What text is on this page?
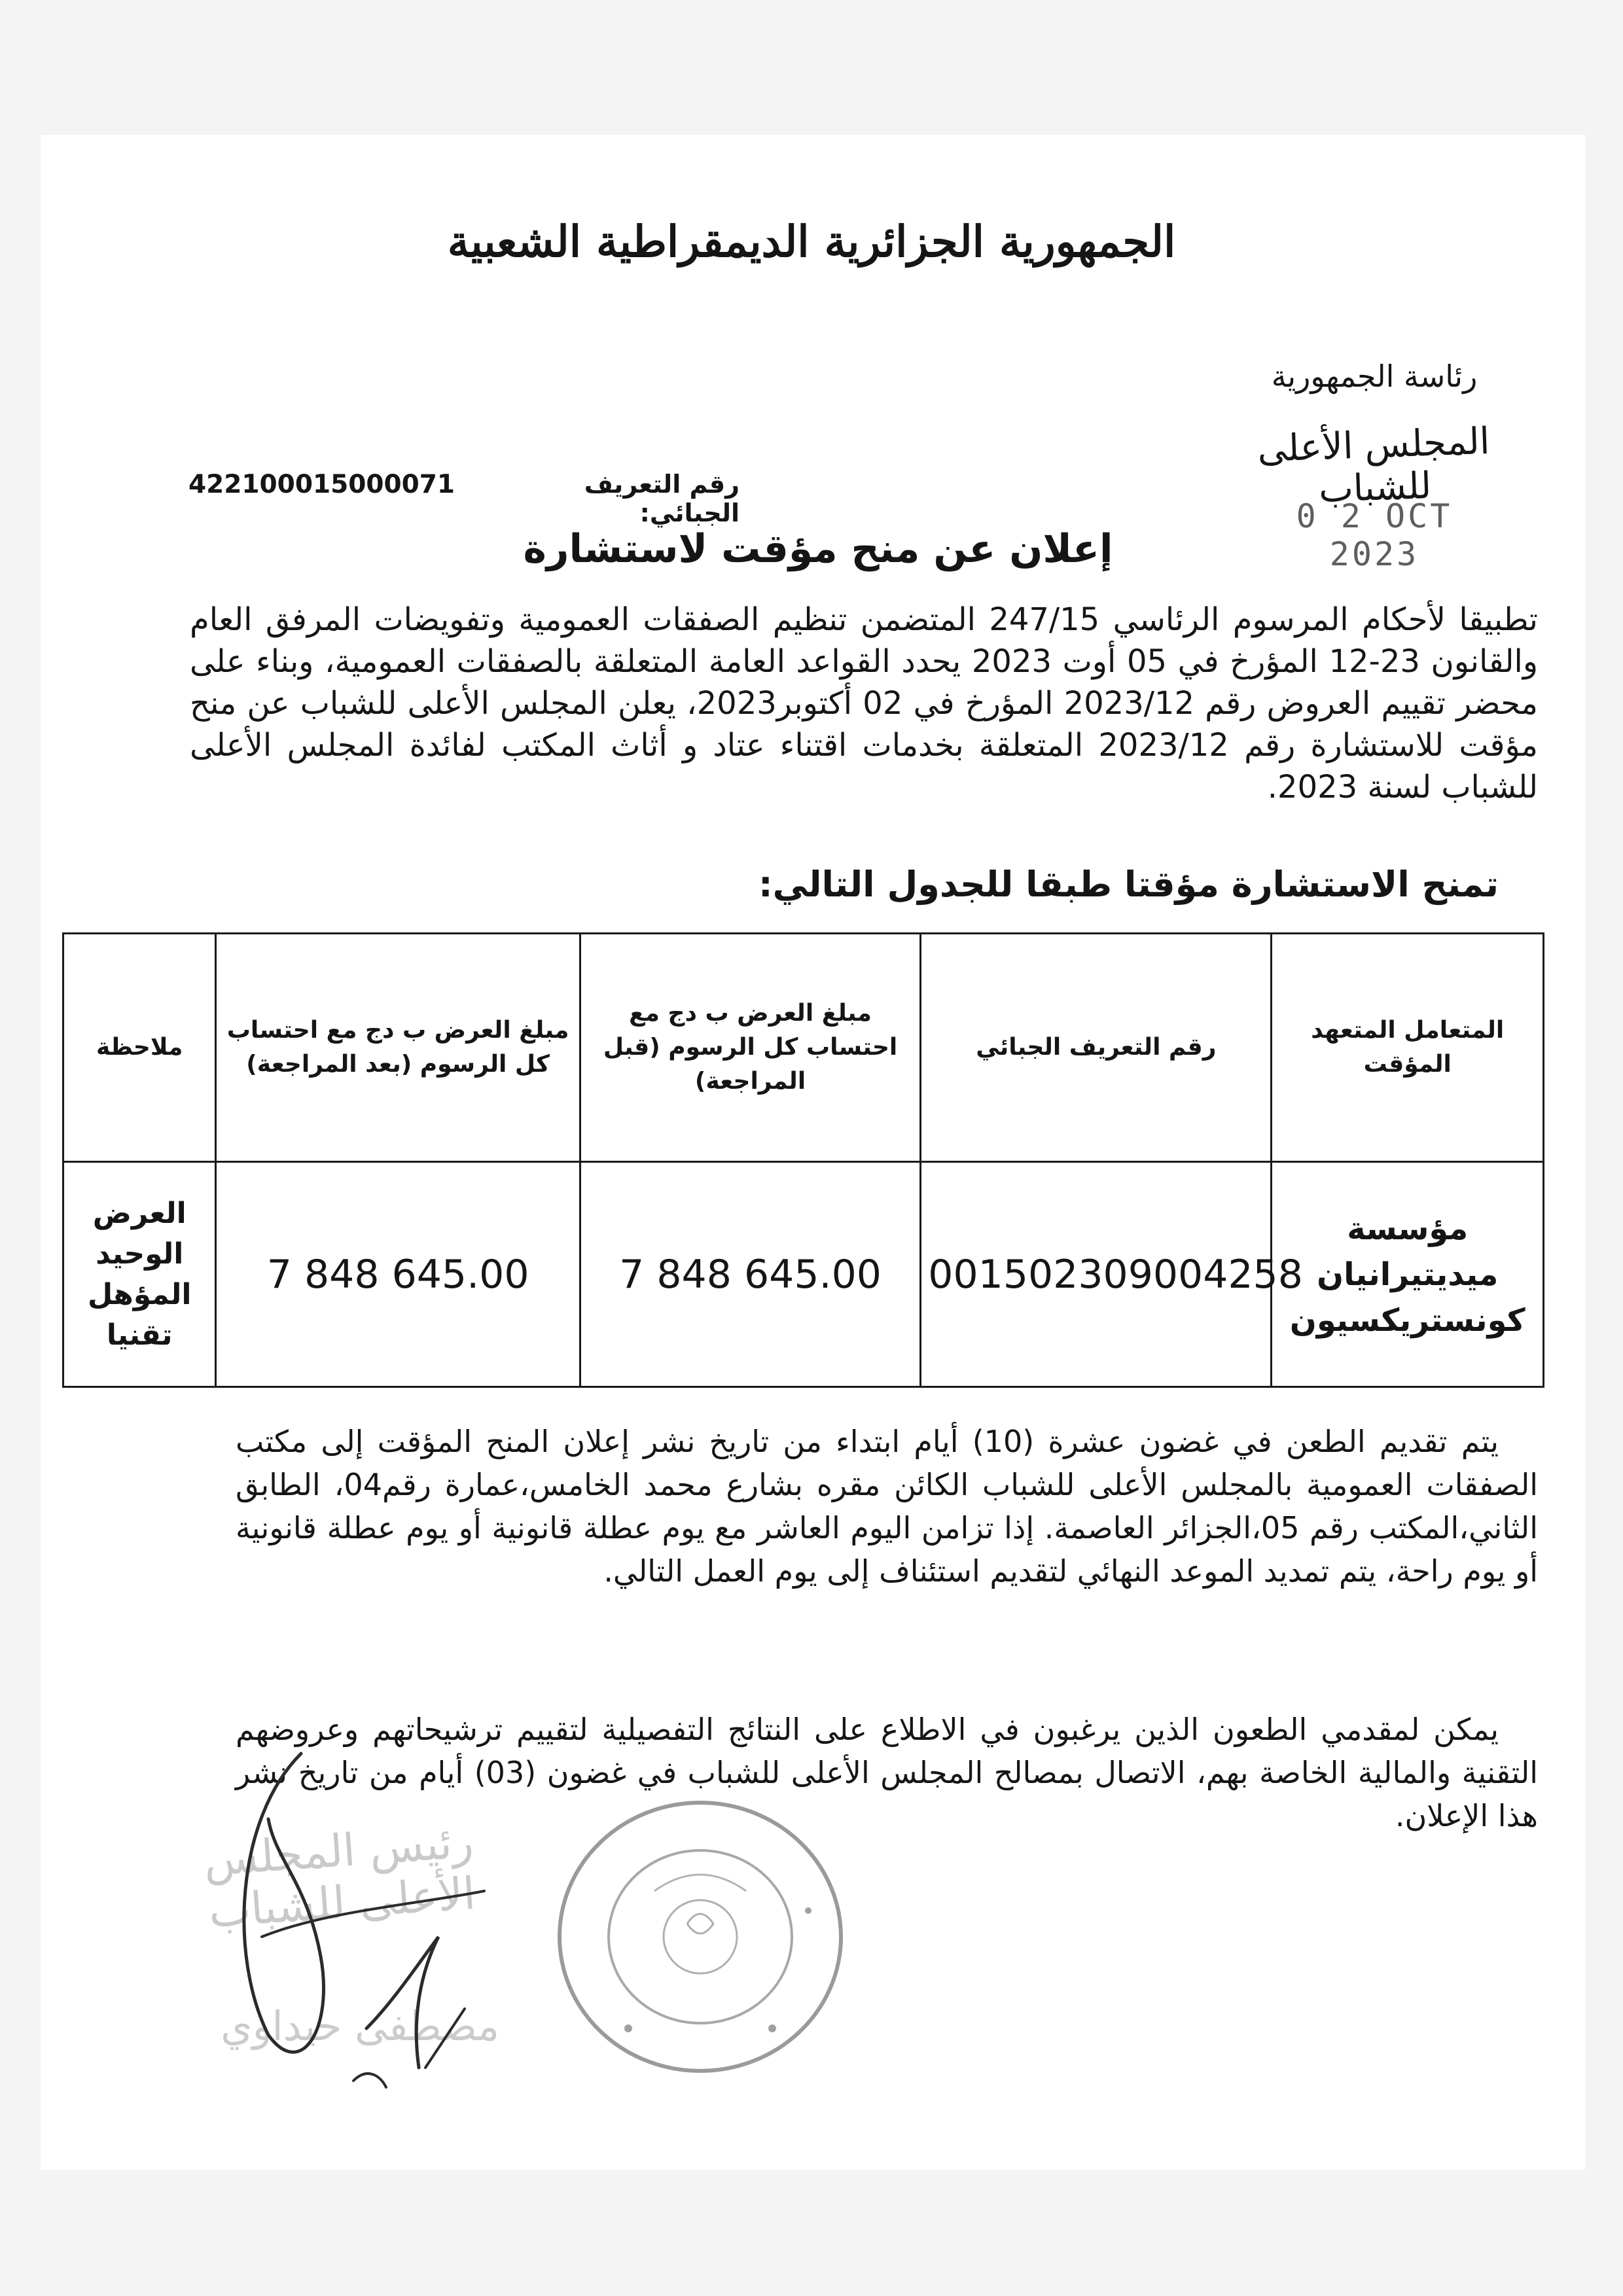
الجمهورية الجزائرية الديمقراطية الشعبية
رئاسة الجمهورية
المجلس الأعلى للشباب
0 2 OCT 2023
رقم التعريف الجبائي:
422100015000071
إعلان عن منح مؤقت لاستشارة
تطبيقا لأحكام المرسوم الرئاسي 247/15 المتضمن تنظيم الصفقات العمومية وتفويضات المرفق العام والقانون 23-12 المؤرخ في 05 أوت 2023 يحدد القواعد العامة المتعلقة بالصفقات العمومية، وبناء على محضر تقييم العروض رقم 2023/12 المؤرخ في 02 أكتوبر2023، يعلن المجلس الأعلى للشباب عن منح مؤقت للاستشارة رقم 2023/12 المتعلقة بخدمات اقتناء عتاد و أثاث المكتب لفائدة المجلس الأعلى للشباب لسنة 2023.
تمنح الاستشارة مؤقتا طبقا للجدول التالي:
المتعامل المتعهد المؤقت	رقم التعريف الجبائي	مبلغ العرض ب دج مع احتساب كل الرسوم (قبل المراجعة)	مبلغ العرض ب دج مع احتساب كل الرسوم (بعد المراجعة)	ملاحظة
مؤسسة ميديتيرانيان كونستريكسيون	001502309004258	7 848 645.00	7 848 645.00	العرض الوحيد المؤهل تقنيا
يتم تقديم الطعن في غضون عشرة (10) أيام ابتداء من تاريخ نشر إعلان المنح المؤقت إلى مكتب الصفقات العمومية بالمجلس الأعلى للشباب الكائن مقره بشارع محمد الخامس،عمارة رقم04، الطابق الثاني،المكتب رقم 05،الجزائر العاصمة. إذا تزامن اليوم العاشر مع يوم عطلة قانونية أو يوم عطلة قانونية أو يوم راحة، يتم تمديد الموعد النهائي لتقديم استئناف إلى يوم العمل التالي.
يمكن لمقدمي الطعون الذين يرغبون في الاطلاع على النتائج التفصيلية لتقييم ترشيحاتهم وعروضهم التقنية والمالية الخاصة بهم، الاتصال بمصالح المجلس الأعلى للشباب في غضون (03) أيام من تاريخ نشر هذا الإعلان.
رئيس المجلس الأعلى للشباب
مصطفى حيداوي
